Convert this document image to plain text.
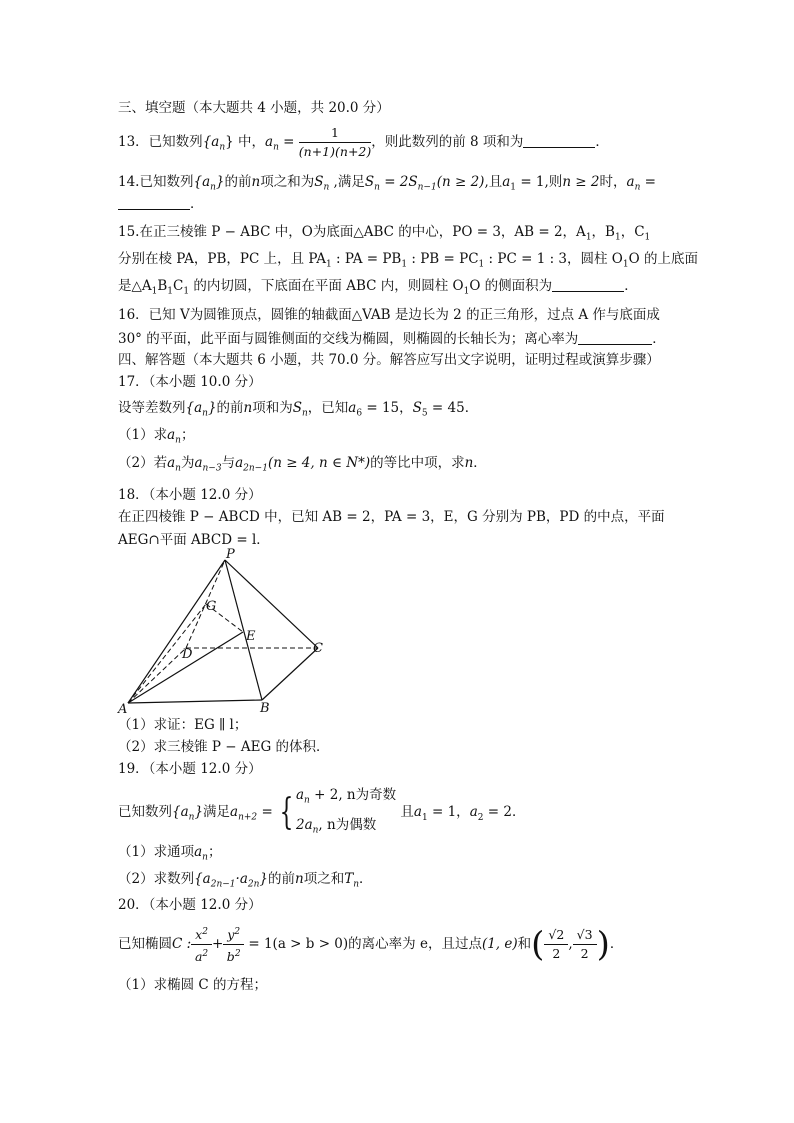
三、填空题（本大题共 4 小题，共 20.0 分）
13．已知数列$\{a_n\}$ 中，$a_n = \frac{1}{(n+1)(n+2)}$ ，则此数列的前 8 项和为	．
14.已知数列$\{a_n\}$的前n项之和为$S_n$ ,满足$S_n = 2S_{n-1}(n \ge 2)$,且$a_1 = 1$,则n ≥ 2时，$a_n$ =
．
15.在正三棱锥 P − ABC 中，O为底面△ABC 的中心，PO = 3，AB = 2，$A_1$，$B_1$，$C_1$
分别在棱 PA，PB，PC 上，且 $PA_1$ : PA = $PB_1$ : PB = $PC_1$ : PC = 1 : 3，圆柱 $O_1O$ 的上底面
是$\triangle A_1B_1C_1$ 的内切圆，下底面在平面 ABC 内，则圆柱 $O_1O$ 的侧面积为	．
16．已知 V为圆锥顶点，圆锥的轴截面△VAB 是边长为 2 的正三角形，过点 A 作与底面成
30° 的平面，此平面与圆锥侧面的交线为椭圆，则椭圆的长轴长为；离心率为	．
四、解答题（本大题共 6 小题，共 70.0 分。解答应写出文字说明，证明过程或演算步骤）
17．（本小题 10.0 分）
设等差数列$\{a_n\}$的前n项和为$S_n$，已知$a_6 = 15$，$S_5 = 45$．
（1）求$a_n$；
（2）若$a_n$为$a_{n-3}$与$a_{2n-1}(n \ge 4$, n ∈ N*)的等比中项，求n．
18．（本小题 12.0 分）
在正四棱锥 P − ABCD 中，已知 AB = 2，PA = 3，E，G 分别为 PB，PD 的中点，平面
AEG∩平面 ABCD = l．
P
G
E
D	C
A	B
（1）求证：EG ∥ l；
（2）求三棱锥 P − AEG 的体积．
19．（本小题 12.0 分）
已知数列$\{a_n\}$满足$a_{n+2}$ = { $a_n + 2$, n为奇数
$2a_n$, n为偶数
且$a_1 = 1$，$a_2 = 2$．
（1）求通项$a_n$；
（2）求数列$\{a_{2n-1}\cdot a_{2n}\}$的前n项之和$T_n$．
20．（本小题 12.0 分）
已知椭圆C : $\frac{x^2}{a^2} + \frac{y^2}{b^2} = 1(a > b > 0)$的离心率为 e，且过点(1, e)和( $\frac{√2}{2}$ , $\frac{√3}{2}$ )．
（1）求椭圆 C 的方程；
